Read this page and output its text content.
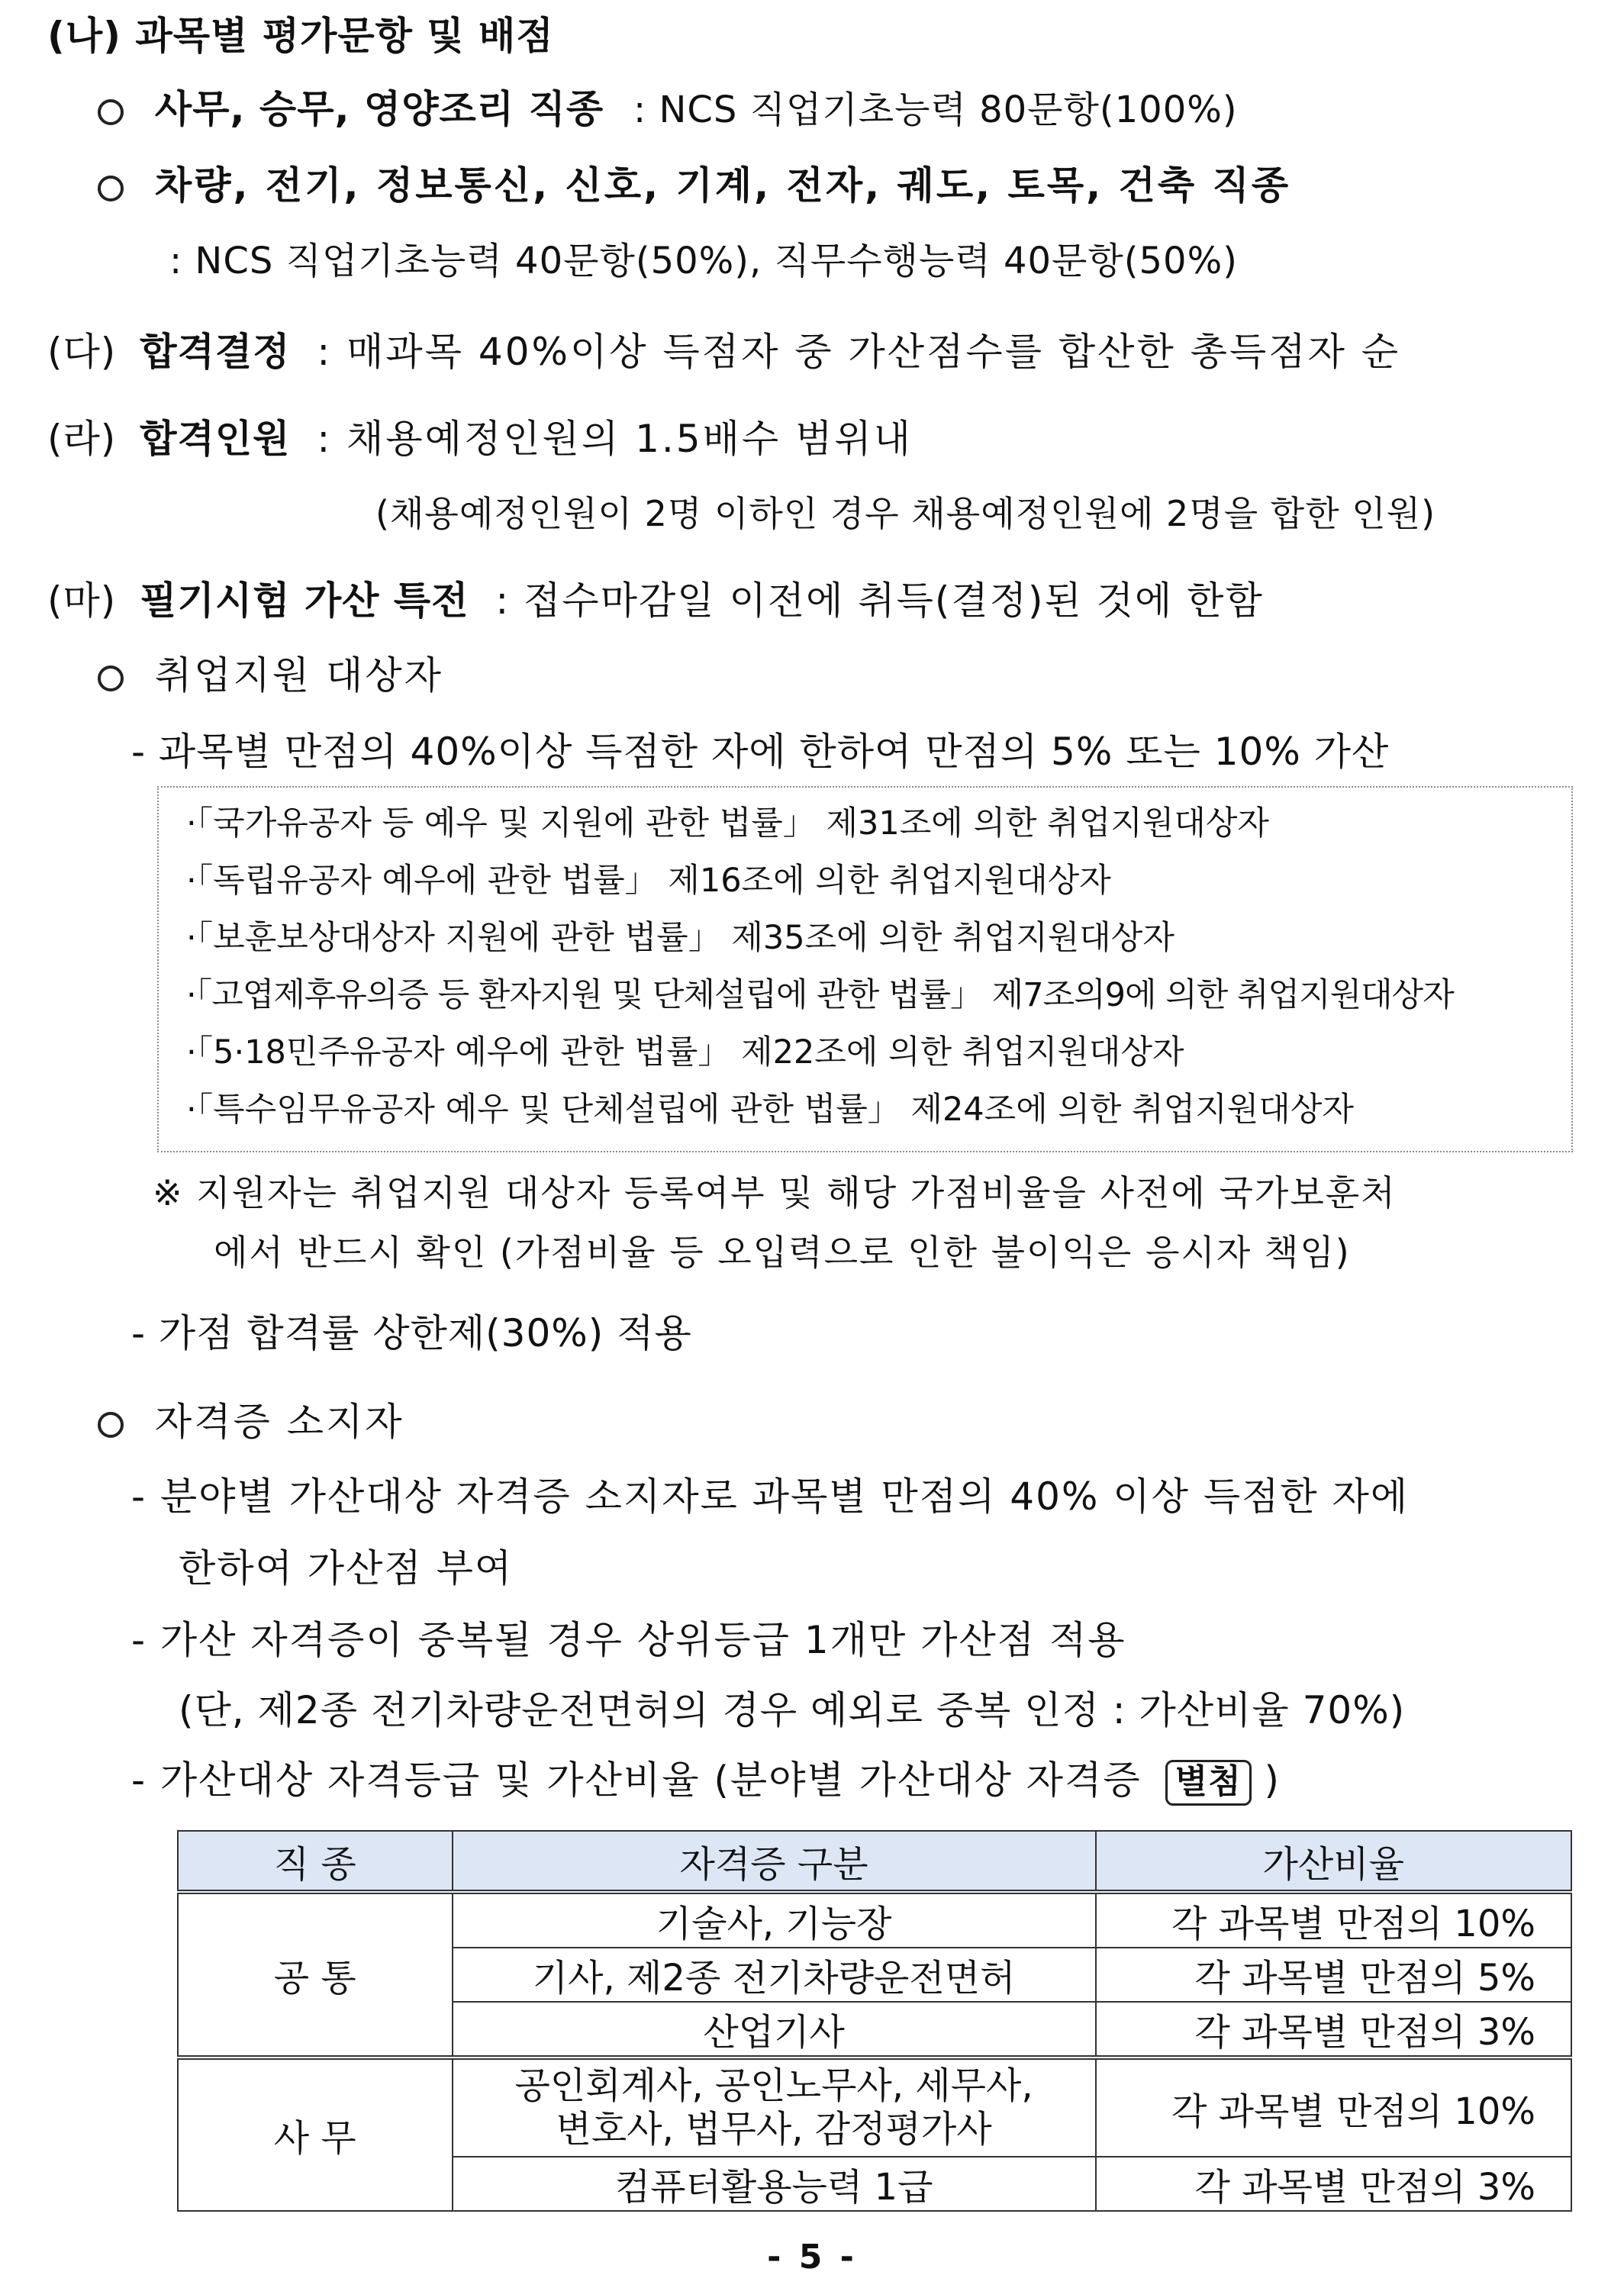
(나) 과목별 평가문항 및 배점
사무, 승무, 영양조리 직종 : NCS 직업기초능력 80문항(100%)
차량, 전기, 정보통신, 신호, 기계, 전자, 궤도, 토목, 건축 직종
: NCS 직업기초능력 40문항(50%), 직무수행능력 40문항(50%)
(다) 합격결정 : 매과목 40%이상 득점자 중 가산점수를 합산한 총득점자 순
(라) 합격인원 : 채용예정인원의 1.5배수 범위내
(채용예정인원이 2명 이하인 경우 채용예정인원에 2명을 합한 인원)
(마) 필기시험 가산 특전 : 접수마감일 이전에 취득(결정)된 것에 한함
취업지원 대상자
- 과목별 만점의 40%이상 득점한 자에 한하여 만점의 5% 또는 10% 가산
·「국가유공자 등 예우 및 지원에 관한 법률」 제31조에 의한 취업지원대상자
·「독립유공자 예우에 관한 법률」 제16조에 의한 취업지원대상자
·「보훈보상대상자 지원에 관한 법률」 제35조에 의한 취업지원대상자
·「고엽제후유의증 등 환자지원 및 단체설립에 관한 법률」 제7조의9에 의한 취업지원대상자
·「5·18민주유공자 예우에 관한 법률」 제22조에 의한 취업지원대상자
·「특수임무유공자 예우 및 단체설립에 관한 법률」 제24조에 의한 취업지원대상자
※ 지원자는 취업지원 대상자 등록여부 및 해당 가점비율을 사전에 국가보훈처
에서 반드시 확인 (가점비율 등 오입력으로 인한 불이익은 응시자 책임)
- 가점 합격률 상한제(30%) 적용
자격증 소지자
- 분야별 가산대상 자격증 소지자로 과목별 만점의 40% 이상 득점한 자에
한하여 가산점 부여
- 가산 자격증이 중복될 경우 상위등급 1개만 가산점 적용
(단, 제2종 전기차량운전면허의 경우 예외로 중복 인정 : 가산비율 70%)
- 가산대상 자격등급 및 가산비율 (분야별 가산대상 자격증 별첨 )
직 종	자격증 구분	가산비율
공 통	기술사, 기능장	각 과목별 만점의 10%
	기사, 제2종 전기차량운전면허	각 과목별 만점의 5%
	산업기사	각 과목별 만점의 3%
사 무	공인회계사, 공인노무사, 세무사,
변호사, 법무사, 감정평가사	각 과목별 만점의 10%
	컴퓨터활용능력 1급	각 과목별 만점의 3%
- 5 -
